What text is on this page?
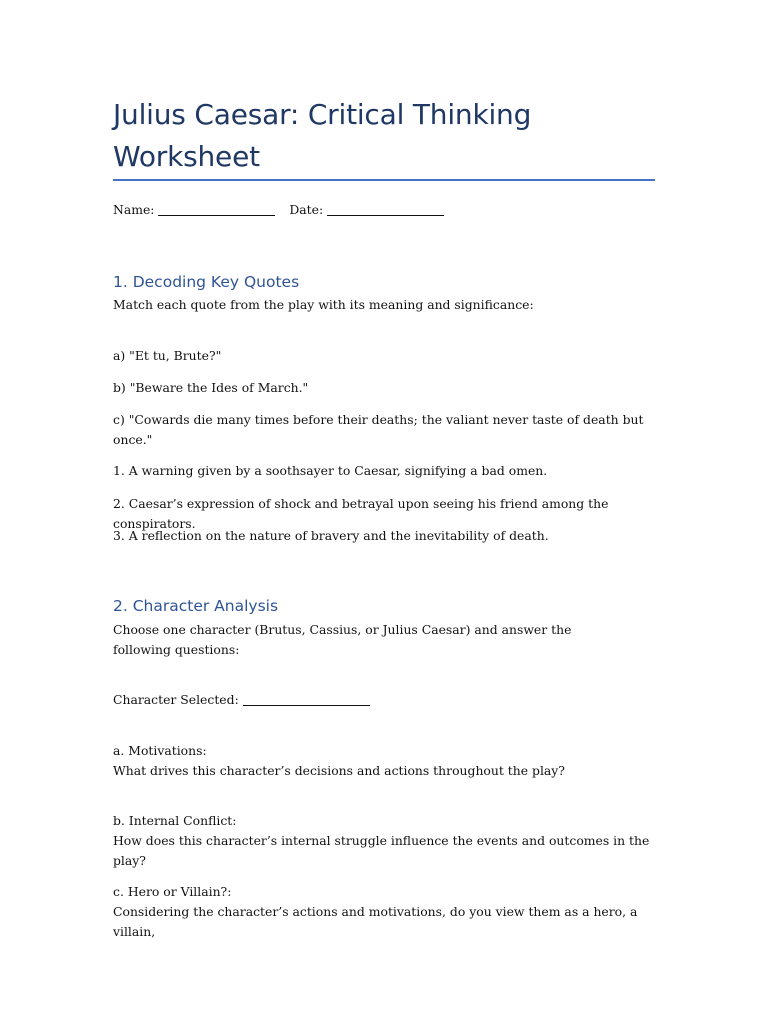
Julius Caesar: Critical Thinking Worksheet

Name:	Date:

1. Decoding Key Quotes

Match each quote from the play with its meaning and significance:

a) "Et tu, Brute?"

b) "Beware the Ides of March."

c) "Cowards die many times before their deaths; the valiant never taste of death but once."

1. A warning given by a soothsayer to Caesar, signifying a bad omen.

2. Caesar’s expression of shock and betrayal upon seeing his friend among the conspirators.

3. A reflection on the nature of bravery and the inevitability of death.

2. Character Analysis

Choose one character (Brutus, Cassius, or Julius Caesar) and answer the following questions:

Character Selected:

a. Motivations:

What drives this character’s decisions and actions throughout the play?

b. Internal Conflict:

How does this character’s internal struggle influence the events and outcomes in the play?

c. Hero or Villain?:

Considering the character’s actions and motivations, do you view them as a hero, a villain,
